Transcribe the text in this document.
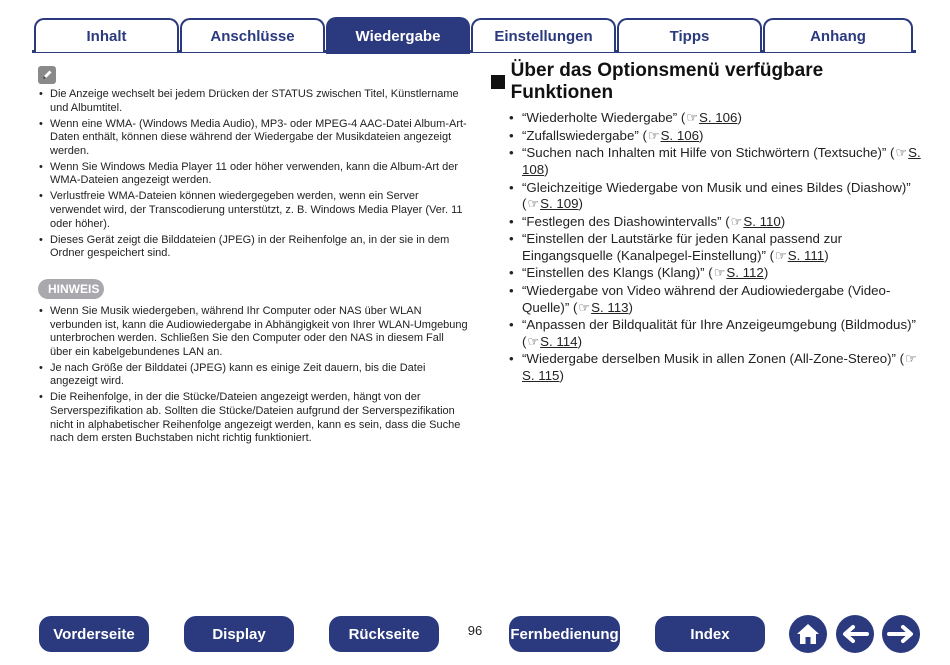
Inhalt	Anschlüsse	Wiedergabe	Einstellungen	Tipps	Anhang
• Die Anzeige wechselt bei jedem Drücken der STATUS zwischen Titel, Künstlername und Albumtitel.
• Wenn eine WMA- (Windows Media Audio), MP3- oder MPEG-4 AAC-Datei Album-Art-Daten enthält, können diese während der Wiedergabe der Musikdateien angezeigt werden.
• Wenn Sie Windows Media Player 11 oder höher verwenden, kann die Album-Art der WMA-Dateien angezeigt werden.
• Verlustfreie WMA-Dateien können wiedergegeben werden, wenn ein Server verwendet wird, der Transcodierung unterstützt, z. B. Windows Media Player (Ver. 11 oder höher).
• Dieses Gerät zeigt die Bilddateien (JPEG) in der Reihenfolge an, in der sie in dem Ordner gespeichert sind.
HINWEIS
• Wenn Sie Musik wiedergeben, während Ihr Computer oder NAS über WLAN verbunden ist, kann die Audiowiedergabe in Abhängigkeit von Ihrer WLAN-Umgebung unterbrochen werden. Schließen Sie den Computer oder den NAS in diesem Fall über ein kabelgebundenes LAN an.
• Je nach Größe der Bilddatei (JPEG) kann es einige Zeit dauern, bis die Datei angezeigt wird.
• Die Reihenfolge, in der die Stücke/Dateien angezeigt werden, hängt von der Serverspezifikation ab. Sollten die Stücke/Dateien aufgrund der Serverspezifikation nicht in alphabetischer Reihenfolge angezeigt werden, kann es sein, dass die Suche nach dem ersten Buchstaben nicht richtig funktioniert.
Über das Optionsmenü verfügbare Funktionen
• “Wiederholte Wiedergabe” (☞S. 106)
• “Zufallswiedergabe” (☞S. 106)
• “Suchen nach Inhalten mit Hilfe von Stichwörtern (Textsuche)” (☞S. 108)
• “Gleichzeitige Wiedergabe von Musik und eines Bildes (Diashow)” (☞S. 109)
• “Festlegen des Diashowintervalls” (☞S. 110)
• “Einstellen der Lautstärke für jeden Kanal passend zur Eingangsquelle (Kanalpegel-Einstellung)” (☞S. 111)
• “Einstellen des Klangs (Klang)” (☞S. 112)
• “Wiedergabe von Video während der Audiowiedergabe (Video-Quelle)” (☞S. 113)
• “Anpassen der Bildqualität für Ihre Anzeigeumgebung (Bildmodus)” (☞S. 114)
• “Wiedergabe derselben Musik in allen Zonen (All-Zone-Stereo)” (☞S. 115)
Vorderseite	Display	Rückseite	96	Fernbedienung	Index
